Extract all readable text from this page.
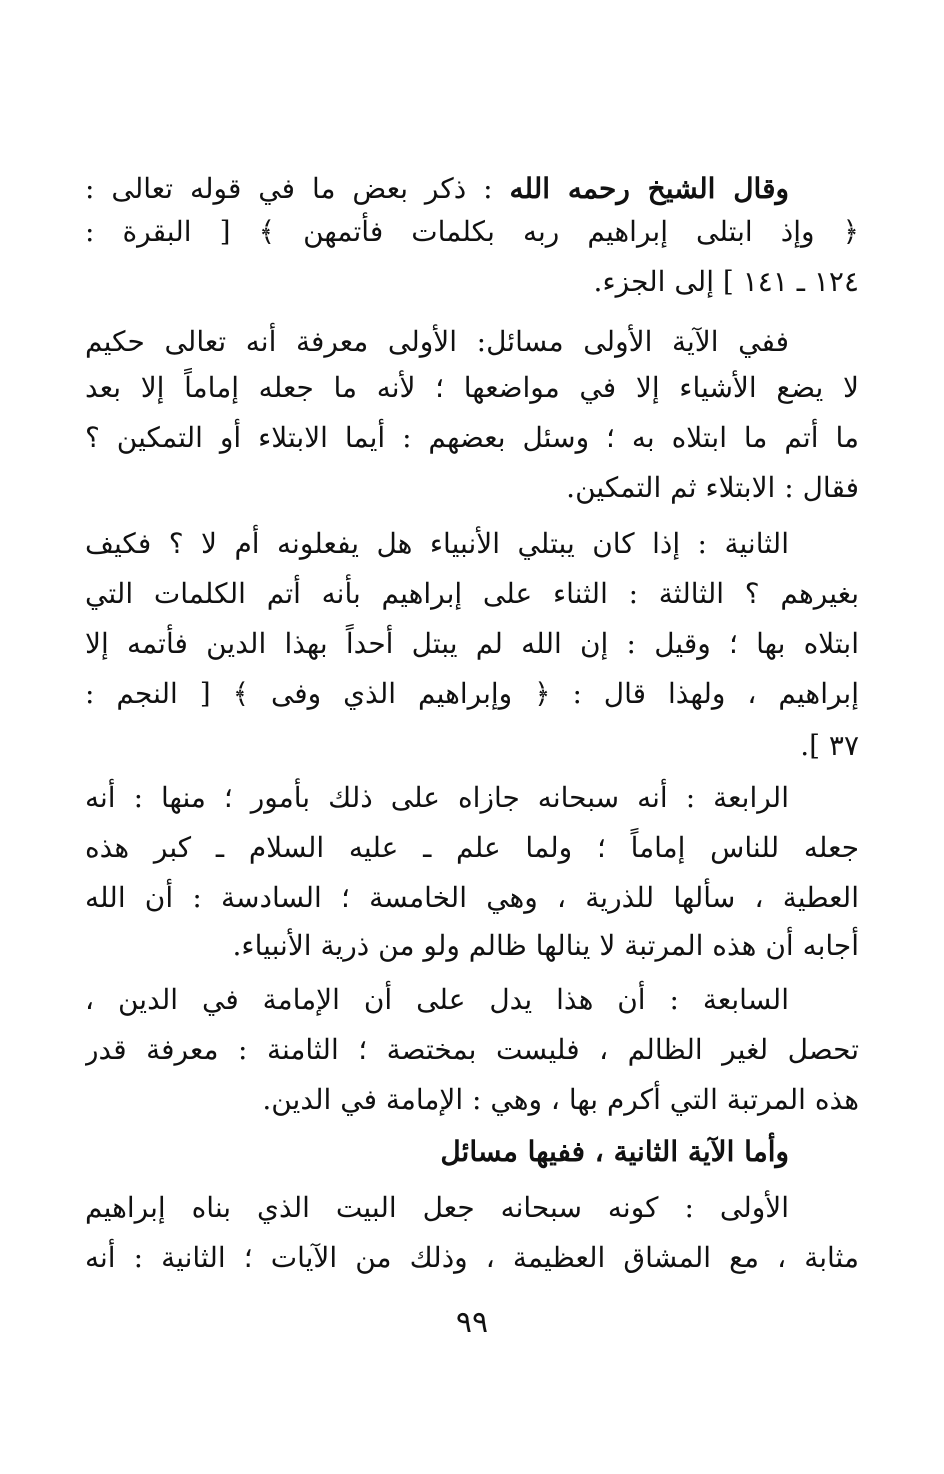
وقال الشيخ رحمه الله : ذكر بعض ما في قوله تعالى :
﴿ وإذ ابتلى إبراهيم ربه بكلمات فأتمهن ﴾ [ البقرة :
١٢٤ ـ ١٤١ ] إلى الجزء.
ففي الآية الأولى مسائل: الأولى معرفة أنه تعالى حكيم
لا يضع الأشياء إلا في مواضعها ؛ لأنه ما جعله إماماً إلا بعد
ما أتم ما ابتلاه به ؛ وسئل بعضهم : أيما الابتلاء أو التمكين ؟
فقال : الابتلاء ثم التمكين.
الثانية : إذا كان يبتلي الأنبياء هل يفعلونه أم لا ؟ فكيف
بغيرهم ؟ الثالثة : الثناء على إبراهيم بأنه أتم الكلمات التي
ابتلاه بها ؛ وقيل : إن الله لم يبتل أحداً بهذا الدين فأتمه إلا
إبراهيم ، ولهذا قال : ﴿ وإبراهيم الذي وفى ﴾ [ النجم :
٣٧ ].
الرابعة : أنه سبحانه جازاه على ذلك بأمور ؛ منها : أنه
جعله للناس إماماً ؛ ولما علم ـ عليه السلام ـ كبر هذه
العطية ، سألها للذرية ، وهي الخامسة ؛ السادسة : أن الله
أجابه أن هذه المرتبة لا ينالها ظالم ولو من ذرية الأنبياء.
السابعة : أن هذا يدل على أن الإمامة في الدين ،
تحصل لغير الظالم ، فليست بمختصة ؛ الثامنة : معرفة قدر
هذه المرتبة التي أكرم بها ، وهي : الإمامة في الدين.
وأما الآية الثانية ، ففيها مسائل
الأولى : كونه سبحانه جعل البيت الذي بناه إبراهيم
مثابة ، مع المشاق العظيمة ، وذلك من الآيات ؛ الثانية : أنه
٩٩
